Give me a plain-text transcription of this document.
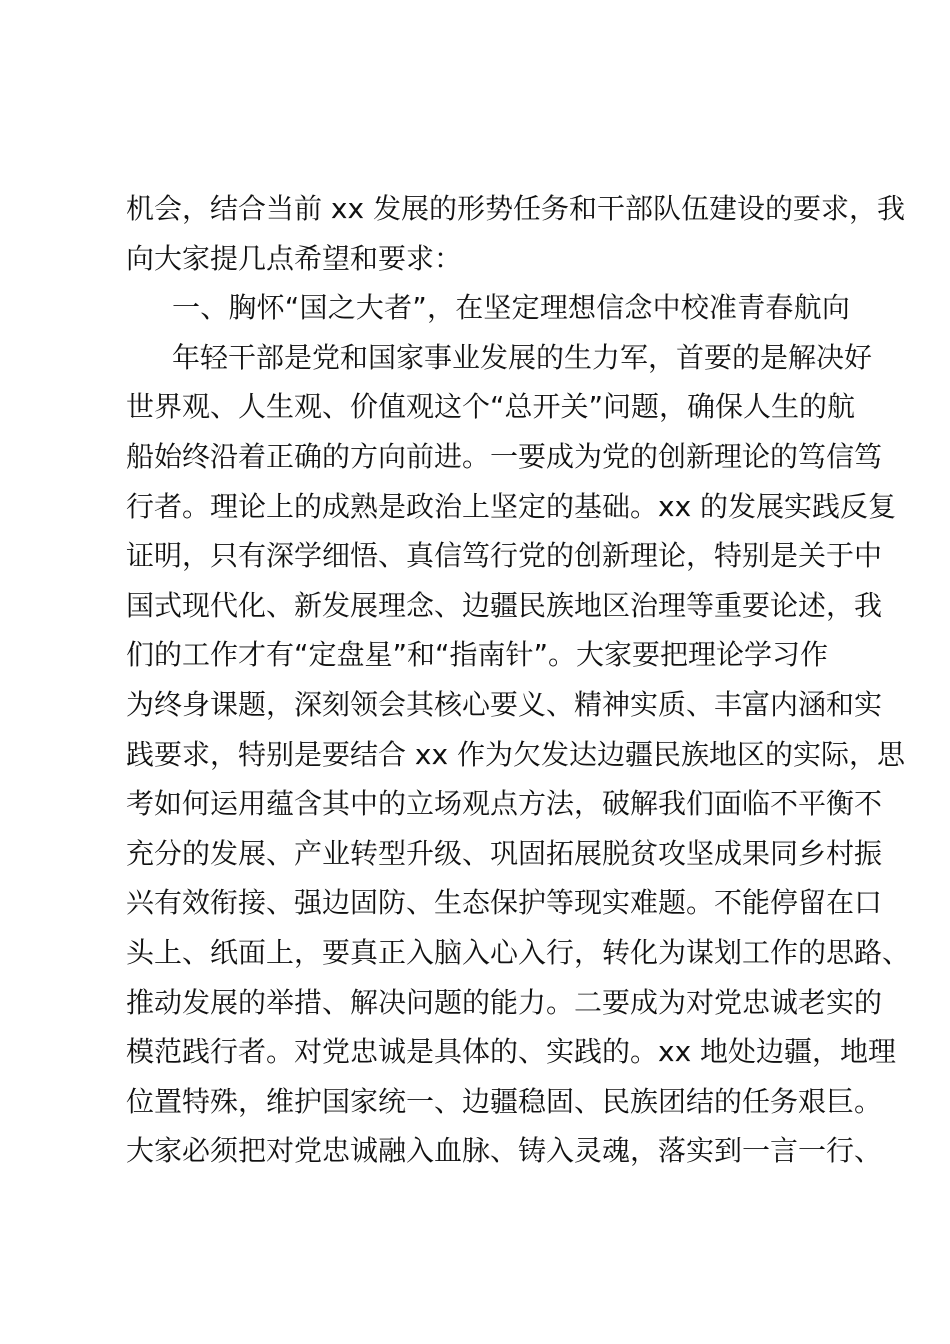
机会，结合当前 xx 发展的形势任务和干部队伍建设的要求，我
向大家提几点希望和要求：
一、胸怀“国之大者”，在坚定理想信念中校准青春航向
年轻干部是党和国家事业发展的生力军，首要的是解决好
世界观、人生观、价值观这个“总开关”问题，确保人生的航
船始终沿着正确的方向前进。一要成为党的创新理论的笃信笃
行者。理论上的成熟是政治上坚定的基础。xx 的发展实践反复
证明，只有深学细悟、真信笃行党的创新理论，特别是关于中
国式现代化、新发展理念、边疆民族地区治理等重要论述，我
们的工作才有“定盘星”和“指南针”。大家要把理论学习作
为终身课题，深刻领会其核心要义、精神实质、丰富内涵和实
践要求，特别是要结合 xx 作为欠发达边疆民族地区的实际，思
考如何运用蕴含其中的立场观点方法，破解我们面临不平衡不
充分的发展、产业转型升级、巩固拓展脱贫攻坚成果同乡村振
兴有效衔接、强边固防、生态保护等现实难题。不能停留在口
头上、纸面上，要真正入脑入心入行，转化为谋划工作的思路、
推动发展的举措、解决问题的能力。二要成为对党忠诚老实的
模范践行者。对党忠诚是具体的、实践的。xx 地处边疆，地理
位置特殊，维护国家统一、边疆稳固、民族团结的任务艰巨。
大家必须把对党忠诚融入血脉、铸入灵魂，落实到一言一行、
